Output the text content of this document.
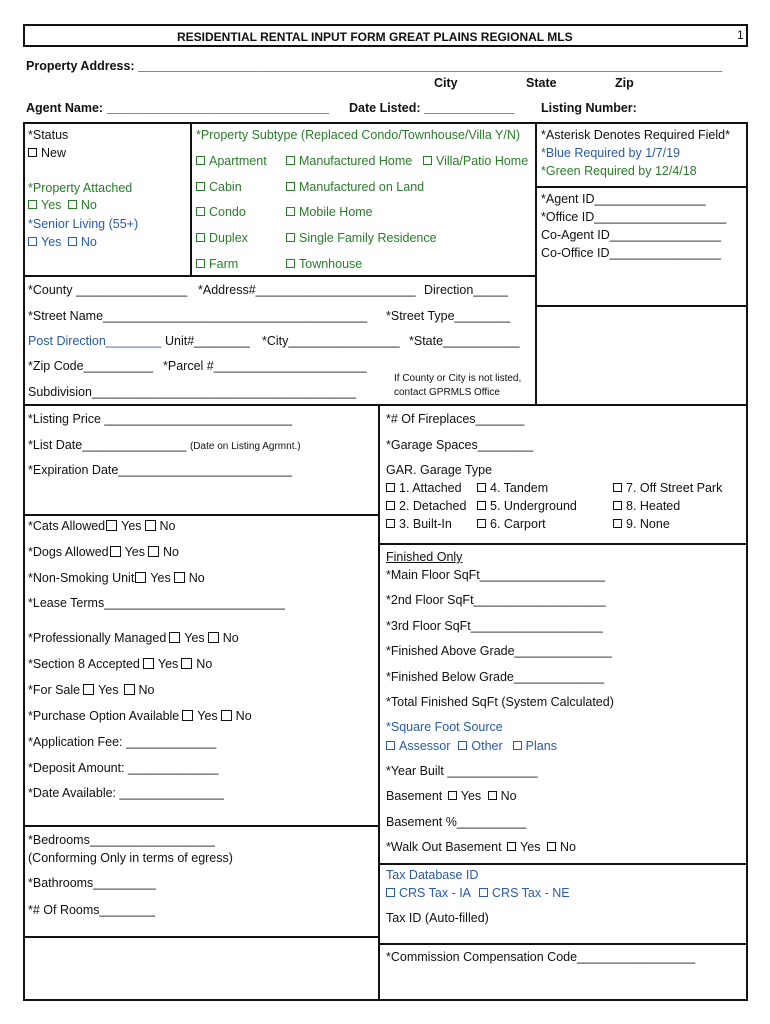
RESIDENTIAL RENTAL INPUT FORM GREAT PLAINS REGIONAL MLS	1
Property Address: ____________________________________________________________________________________
City	State	Zip
Agent Name: ________________________________ Date Listed: _____________ Listing Number:
*Status
New
*Property Attached
Yes No
*Senior Living (55+)
Yes No
*Property Subtype (Replaced Condo/Townhouse/Villa Y/N)
Apartment	Manufactured Home	Villa/Patio Home
Cabin	Manufactured on Land
Condo	Mobile Home
Duplex	Single Family Residence
Farm	Townhouse
*Asterisk Denotes Required Field*
*Blue Required by 1/7/19
*Green Required by 12/4/18
*Agent ID________________
*Office ID___________________
Co-Agent ID________________
Co-Office ID________________
*County ________________ *Address#_______________________ Direction_____
*Street Name______________________________________ *Street Type________
Post Direction________ Unit#________ *City________________ *State___________
*Zip Code__________ *Parcel #______________________
Subdivision______________________________________
If County or City is not listed,
contact GPRMLS Office
*Listing Price ___________________________
*List Date_______________ (Date on Listing Agrmnt.)
*Expiration Date_________________________
*# Of Fireplaces_______
*Garage Spaces________
GAR. Garage Type
1. Attached	4. Tandem	7. Off Street Park
2. Detached	5. Underground	8. Heated
3. Built-In	6. Carport	9. None
*Cats Allowed Yes No
*Dogs Allowed Yes No
*Non-Smoking Unit Yes No
*Lease Terms__________________________
*Professionally Managed Yes No
*Section 8 Accepted Yes No
*For Sale Yes No
*Purchase Option Available Yes No
*Application Fee: _____________
*Deposit Amount: _____________
*Date Available: _______________
Finished Only
*Main Floor SqFt__________________
*2nd Floor SqFt___________________
*3rd Floor SqFt___________________
*Finished Above Grade______________
*Finished Below Grade_____________
*Total Finished SqFt (System Calculated)
*Square Foot Source
Assessor Other Plans
*Year Built _____________
Basement Yes No
Basement %__________
*Walk Out Basement Yes No
*Bedrooms__________________
(Conforming Only in terms of egress)
*Bathrooms_________
*# Of Rooms________
Tax Database ID
CRS Tax - IA CRS Tax - NE
Tax ID (Auto-filled)
*Commission Compensation Code_________________
